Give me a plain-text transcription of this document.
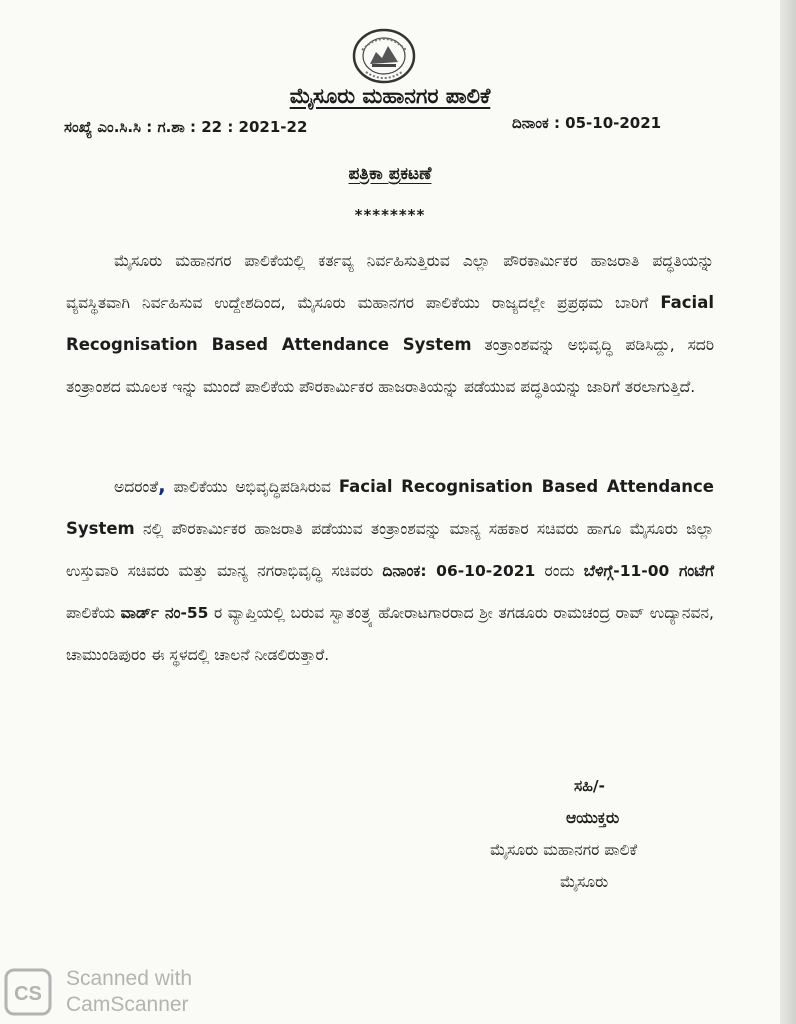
ಮೈಸೂರು ಮಹಾನಗರ ಪಾಲಿಕೆ
ಸಂಖ್ಯೆ ಎಂ.ಸಿ.ಸಿ : ಗ.ಶಾ : 22 : 2021-22	ದಿನಾಂಕ : 05-10-2021
ಪತ್ರಿಕಾ ಪ್ರಕಟಣೆ
********
ಮೈಸೂರು ಮಹಾನಗರ ಪಾಲಿಕೆಯಲ್ಲಿ ಕರ್ತವ್ಯ ನಿರ್ವಹಿಸುತ್ತಿರುವ ಎಲ್ಲಾ ಪೌರಕಾರ್ಮಿಕರ ಹಾಜರಾತಿ ಪದ್ಧತಿಯನ್ನು ವ್ಯವಸ್ಥಿತವಾಗಿ ನಿರ್ವಹಿಸುವ ಉದ್ದೇಶದಿಂದ, ಮೈಸೂರು ಮಹಾನಗರ ಪಾಲಿಕೆಯು ರಾಜ್ಯದಲ್ಲೇ ಪ್ರಪ್ರಥಮ ಬಾರಿಗೆ Facial Recognisation Based Attendance System ತಂತ್ರಾಂಶವನ್ನು ಅಭಿವೃದ್ಧಿ ಪಡಿಸಿದ್ದು, ಸದರಿ ತಂತ್ರಾಂಶದ ಮೂಲಕ ಇನ್ನು ಮುಂದೆ ಪಾಲಿಕೆಯ ಪೌರಕಾರ್ಮಿಕರ ಹಾಜರಾತಿಯನ್ನು ಪಡೆಯುವ ಪದ್ಧತಿಯನ್ನು ಜಾರಿಗೆ ತರಲಾಗುತ್ತಿದೆ.
ಅದರಂತೆ, ಪಾಲಿಕೆಯು ಅಭಿವೃದ್ಧಿಪಡಿಸಿರುವ Facial Recognisation Based Attendance System ನಲ್ಲಿ ಪೌರಕಾರ್ಮಿಕರ ಹಾಜರಾತಿ ಪಡೆಯುವ ತಂತ್ರಾಂಶವನ್ನು ಮಾನ್ಯ ಸಹಕಾರ ಸಚಿವರು ಹಾಗೂ ಮೈಸೂರು ಜಿಲ್ಲಾ ಉಸ್ತುವಾರಿ ಸಚಿವರು ಮತ್ತು ಮಾನ್ಯ ನಗರಾಭಿವೃದ್ಧಿ ಸಚಿವರು ದಿನಾಂಕ: 06-10-2021 ರಂದು ಬೆಳಿಗ್ಗೆ-11-00 ಗಂಟೆಗೆ ಪಾಲಿಕೆಯ ವಾರ್ಡ್ ನಂ-55 ರ ವ್ಯಾಪ್ತಿಯಲ್ಲಿ ಬರುವ ಸ್ವಾತಂತ್ರ್ಯ ಹೋರಾಟಗಾರರಾದ ಶ್ರೀ ತಗಡೂರು ರಾಮಚಂದ್ರ ರಾವ್ ಉದ್ಯಾನವನ, ಚಾಮುಂಡಿಪುರಂ ಈ ಸ್ಥಳದಲ್ಲಿ ಚಾಲನೆ ನೀಡಲಿರುತ್ತಾರೆ.
ಸಹಿ/-
ಆಯುಕ್ತರು
ಮೈಸೂರು ಮಹಾನಗರ ಪಾಲಿಕೆ
ಮೈಸೂರು
CS
Scanned with
CamScanner
